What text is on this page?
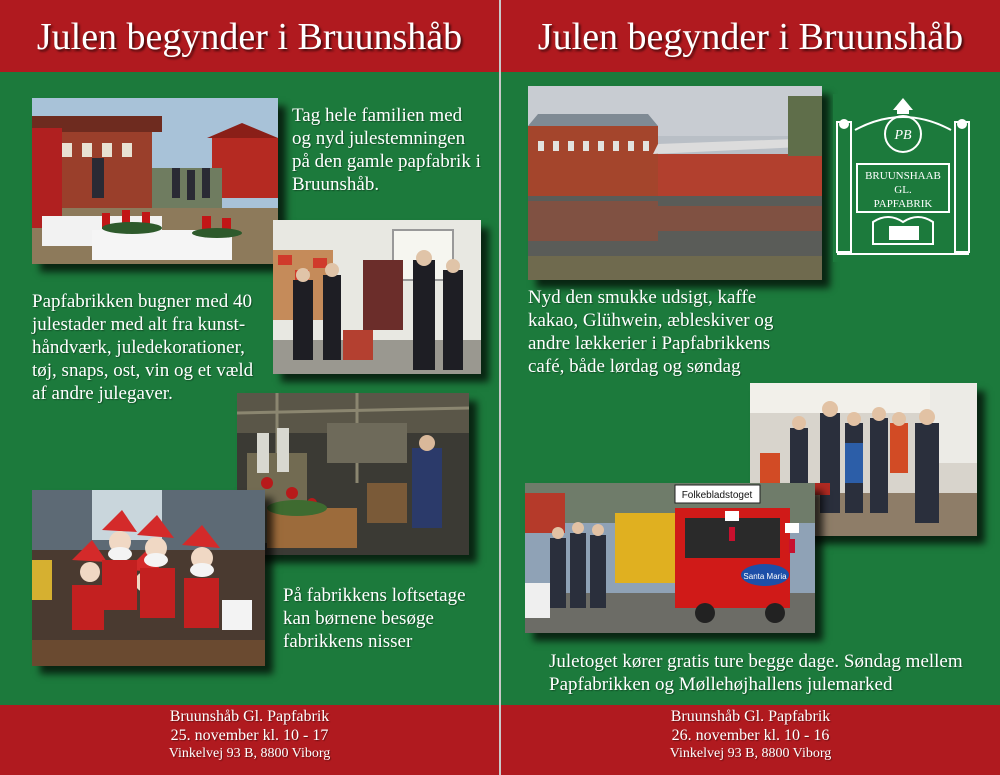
Julen begynder i Bruunshåb
Tag hele familien med
og nyd julestemningen
på den gamle papfabrik i
Bruunshåb.
Papfabrikken bugner med 40
julestader med alt fra kunst-
håndværk, juledekorationer,
tøj, snaps, ost, vin og et væld
af andre julegaver.
På fabrikkens loftsetage
kan børnene besøge
fabrikkens nisser
Bruunshåb Gl. Papfabrik
25. november kl. 10 - 17
Vinkelvej 93 B, 8800 Viborg
Julen begynder i Bruunshåb
PB
BRUUNSHAAB
GL.
PAPFABRIK
Nyd den smukke udsigt, kaffe
kakao, Glühwein, æbleskiver og
andre lækkerier i Papfabrikkens
café, både lørdag og søndag
Folkebladstoget
Santa Maria
Juletoget kører gratis ture begge dage. Søndag mellem
Papfabrikken og Møllehøjhallens julemarked
Bruunshåb Gl. Papfabrik
26. november kl. 10 - 16
Vinkelvej 93 B, 8800 Viborg
